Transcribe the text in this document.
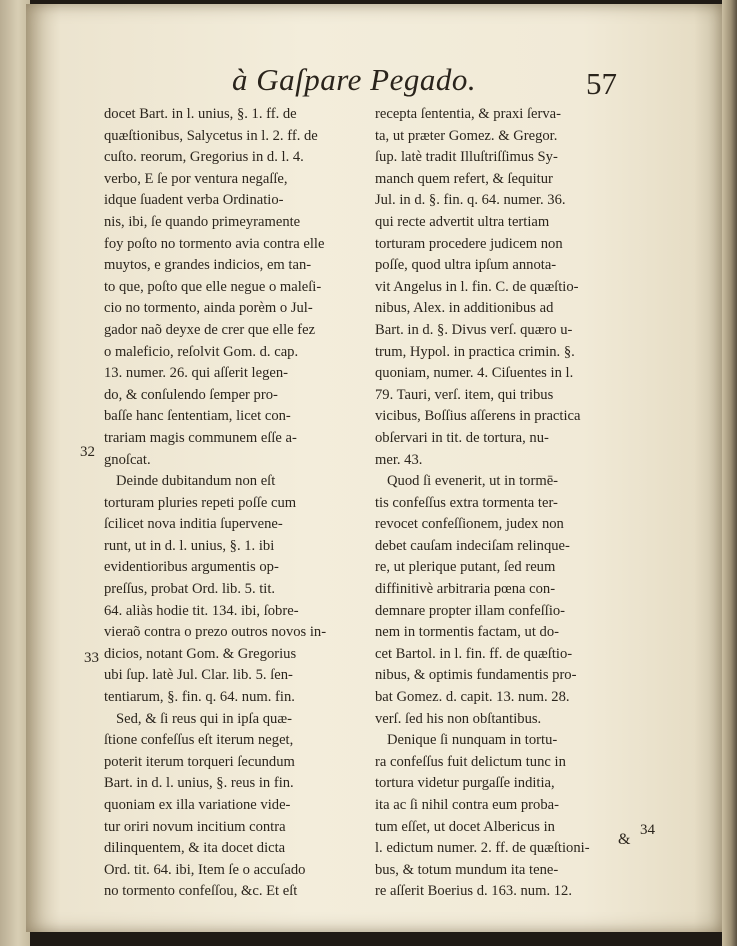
à Gaſpare Pegado.	57
docet Bart. in l. unius, §. 1. ff. de
quæſtionibus, Salycetus in l. 2. ff. de
cuſto. reorum, Gregorius in d. l. 4.
verbo, E ſe por ventura negaſſe,
idque ſuadent verba Ordinatio-
nis, ibi, ſe quando primeyramente
foy poſto no tormento avia contra elle
muytos, e grandes indicios, em tan-
to que, poſto que elle negue o maleſi-
cio no tormento, ainda porèm o Jul-
gador naõ deyxe de crer que elle fez
o maleficio, reſolvit Gom. d. cap.
13. numer. 26. qui aſſerit legen-
do, & conſulendo ſemper pro-
baſſe hanc ſententiam, licet con-
trariam magis communem eſſe a-
gnoſcat.
Deinde dubitandum non eſt
torturam pluries repeti poſſe cum
ſcilicet nova inditia ſupervene-
runt, ut in d. l. unius, §. 1. ibi
evidentioribus argumentis op-
preſſus, probat Ord. lib. 5. tit.
64. aliàs hodie tit. 134. ibi, ſobre-
vieraõ contra o prezo outros novos in-
dicios, notant Gom. & Gregorius
ubi ſup. latè Jul. Clar. lib. 5. ſen-
tentiarum, §. fin. q. 64. num. fin.
Sed, & ſi reus qui in ipſa quæ-
ſtione confeſſus eſt iterum neget,
poterit iterum torqueri ſecundum
Bart. in d. l. unius, §. reus in fin.
quoniam ex illa variatione vide-
tur oriri novum incitium contra
dilinquentem, & ita docet dicta
Ord. tit. 64. ibi, Item ſe o accuſado
no tormento confeſſou, &c. Et eſt
recepta ſententia, & praxi ſerva-
ta, ut præter Gomez. & Gregor.
ſup. latè tradit Illuſtriſſimus Sy-
manch quem refert, & ſequitur
Jul. in d. §. fin. q. 64. numer. 36.
qui recte advertit ultra tertiam
torturam procedere judicem non
poſſe, quod ultra ipſum annota-
vit Angelus in l. fin. C. de quæſtio-
nibus, Alex. in additionibus ad
Bart. in d. §. Divus verſ. quæro u-
trum, Hypol. in practica crimin. §.
quoniam, numer. 4. Ciſuentes in l.
79. Tauri, verſ. item, qui tribus
vicibus, Boſſius aſſerens in practica
obſervari in tit. de tortura, nu-
mer. 43.
Quod ſi evenerit, ut in tormē-
tis confeſſus extra tormenta ter-
revocet confeſſionem, judex non
debet cauſam indeciſam relinque-
re, ut plerique putant, ſed reum
diffinitivè arbitraria pœna con-
demnare propter illam confeſſio-
nem in tormentis factam, ut do-
cet Bartol. in l. fin. ff. de quæſtio-
nibus, & optimis fundamentis pro-
bat Gomez. d. capit. 13. num. 28.
verſ. ſed his non obſtantibus.
Denique ſi nunquam in tortu-
ra confeſſus fuit delictum tunc in
tortura videtur purgaſſe inditia,
ita ac ſi nihil contra eum proba-
tum eſſet, ut docet Albericus in
l. edictum numer. 2. ff. de quæſtioni-
bus, & totum mundum ita tene-
re aſſerit Boerius d. 163. num. 12.
32
33
34
&
